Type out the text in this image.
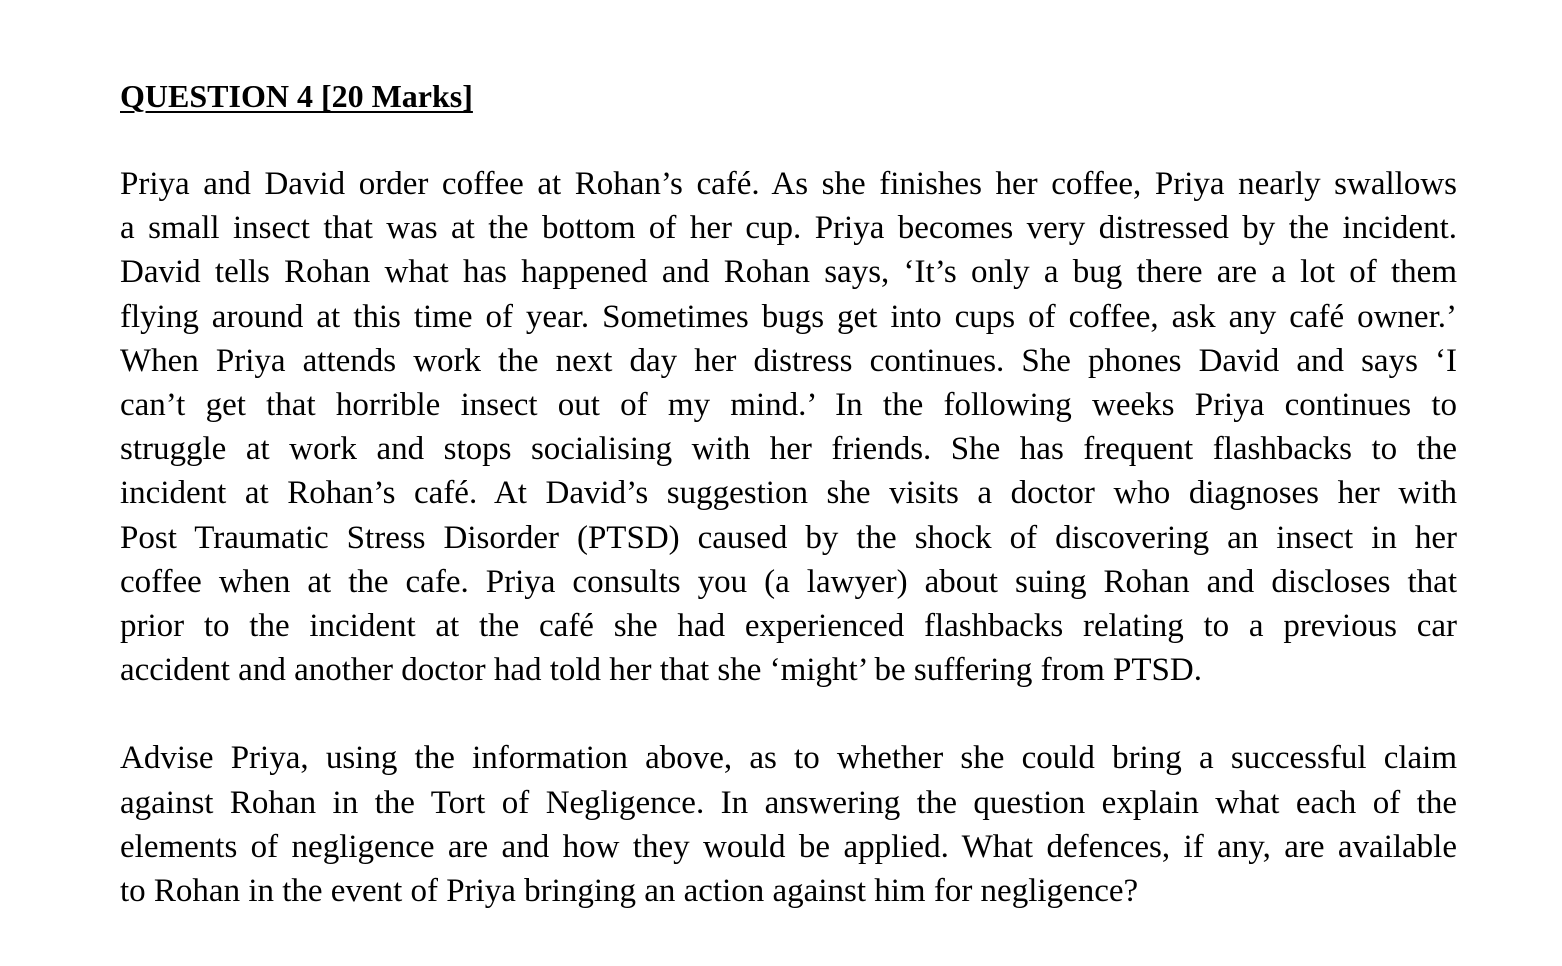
QUESTION 4 [20 Marks]
Priya and David order coffee at Rohan’s café. As she finishes her coffee, Priya nearly swallows
a small insect that was at the bottom of her cup. Priya becomes very distressed by the incident.
David tells Rohan what has happened and Rohan says, ‘It’s only a bug there are a lot of them
flying around at this time of year. Sometimes bugs get into cups of coffee, ask any café owner.’
When Priya attends work the next day her distress continues. She phones David and says ‘I
can’t get that horrible insect out of my mind.’ In the following weeks Priya continues to
struggle at work and stops socialising with her friends. She has frequent flashbacks to the
incident at Rohan’s café. At David’s suggestion she visits a doctor who diagnoses her with
Post Traumatic Stress Disorder (PTSD) caused by the shock of discovering an insect in her
coffee when at the cafe. Priya consults you (a lawyer) about suing Rohan and discloses that
prior to the incident at the café she had experienced flashbacks relating to a previous car
accident and another doctor had told her that she ‘might’ be suffering from PTSD.
Advise Priya, using the information above, as to whether she could bring a successful claim
against Rohan in the Tort of Negligence. In answering the question explain what each of the
elements of negligence are and how they would be applied. What defences, if any, are available
to Rohan in the event of Priya bringing an action against him for negligence?
